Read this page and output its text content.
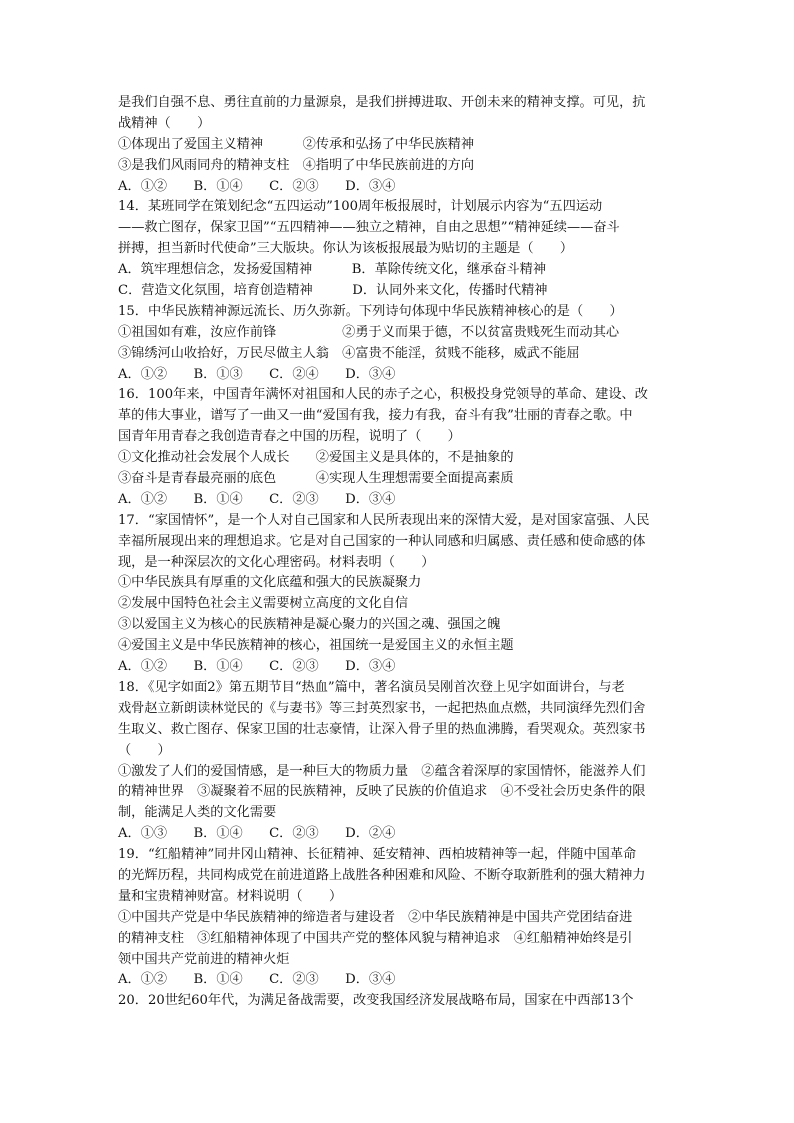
是我们自强不息、勇往直前的力量源泉，是我们拼搏进取、开创未来的精神支撑。可见，抗
战精神（　　）
①体现出了爱国主义精神　　　②传承和弘扬了中华民族精神
③是我们风雨同舟的精神支柱　④指明了中华民族前进的方向
A．①②　　B．①④　　C．②③　　D．③④
14．某班同学在策划纪念“五四运动”100周年板报展时，计划展示内容为“五四运动
——救亡图存，保家卫国”“五四精神——独立之精神，自由之思想”“精神延续——奋斗
拼搏，担当新时代使命”三大版块。你认为该板报展最为贴切的主题是（　　）
A．筑牢理想信念，发扬爱国精神　　　B．革除传统文化，继承奋斗精神
C．营造文化氛围，培育创造精神　　　D．认同外来文化，传播时代精神
15．中华民族精神源远流长、历久弥新。下列诗句体现中华民族精神核心的是（　　）
①祖国如有难，汝应作前锋　　　　　②勇于义而果于德，不以贫富贵贱死生而动其心
③锦绣河山收拾好，万民尽做主人翁　④富贵不能淫，贫贱不能移，威武不能屈
A．①②　　B．①③　　C．②④　　D．③④
16．100年来，中国青年满怀对祖国和人民的赤子之心，积极投身党领导的革命、建设、改
革的伟大事业，谱写了一曲又一曲“爱国有我，接力有我，奋斗有我”壮丽的青春之歌。中
国青年用青春之我创造青春之中国的历程，说明了（　　）
①文化推动社会发展个人成长　　②爱国主义是具体的，不是抽象的
③奋斗是青春最亮丽的底色　　　④实现人生理想需要全面提高素质
A．①②　　B．①④　　C．②③　　D．③④
17．“家国情怀”，是一个人对自己国家和人民所表现出来的深情大爱，是对国家富强、人民
幸福所展现出来的理想追求。它是对自己国家的一种认同感和归属感、责任感和使命感的体
现，是一种深层次的文化心理密码。材料表明（　　）
①中华民族具有厚重的文化底蕴和强大的民族凝聚力
②发展中国特色社会主义需要树立高度的文化自信
③以爱国主义为核心的民族精神是凝心聚力的兴国之魂、强国之魄
④爱国主义是中华民族精神的核心，祖国统一是爱国主义的永恒主题
A．①②　　B．①④　　C．②③　　D．③④
18．《见字如面2》第五期节目“热血”篇中，著名演员吴刚首次登上见字如面讲台，与老
戏骨赵立新朗读林觉民的《与妻书》等三封英烈家书，一起把热血点燃，共同演绎先烈们舍
生取义、救亡图存、保家卫国的壮志豪情，让深入骨子里的热血沸腾，看哭观众。英烈家书
（　　）
①激发了人们的爱国情感，是一种巨大的物质力量　②蕴含着深厚的家国情怀，能滋养人们
的精神世界　③凝聚着不屈的民族精神，反映了民族的价值追求　④不受社会历史条件的限
制，能满足人类的文化需要
A．①③　　B．①④　　C．②③　　D．②④
19．“红船精神”同井冈山精神、长征精神、延安精神、西柏坡精神等一起，伴随中国革命
的光辉历程，共同构成党在前进道路上战胜各种困难和风险、不断夺取新胜利的强大精神力
量和宝贵精神财富。材料说明（　　）
①中国共产党是中华民族精神的缔造者与建设者　②中华民族精神是中国共产党团结奋进
的精神支柱　③红船精神体现了中国共产党的整体风貌与精神追求　④红船精神始终是引
领中国共产党前进的精神火炬
A．①②　　B．①④　　C．②③　　D．③④
20．20世纪60年代，为满足备战需要，改变我国经济发展战略布局，国家在中西部13个
